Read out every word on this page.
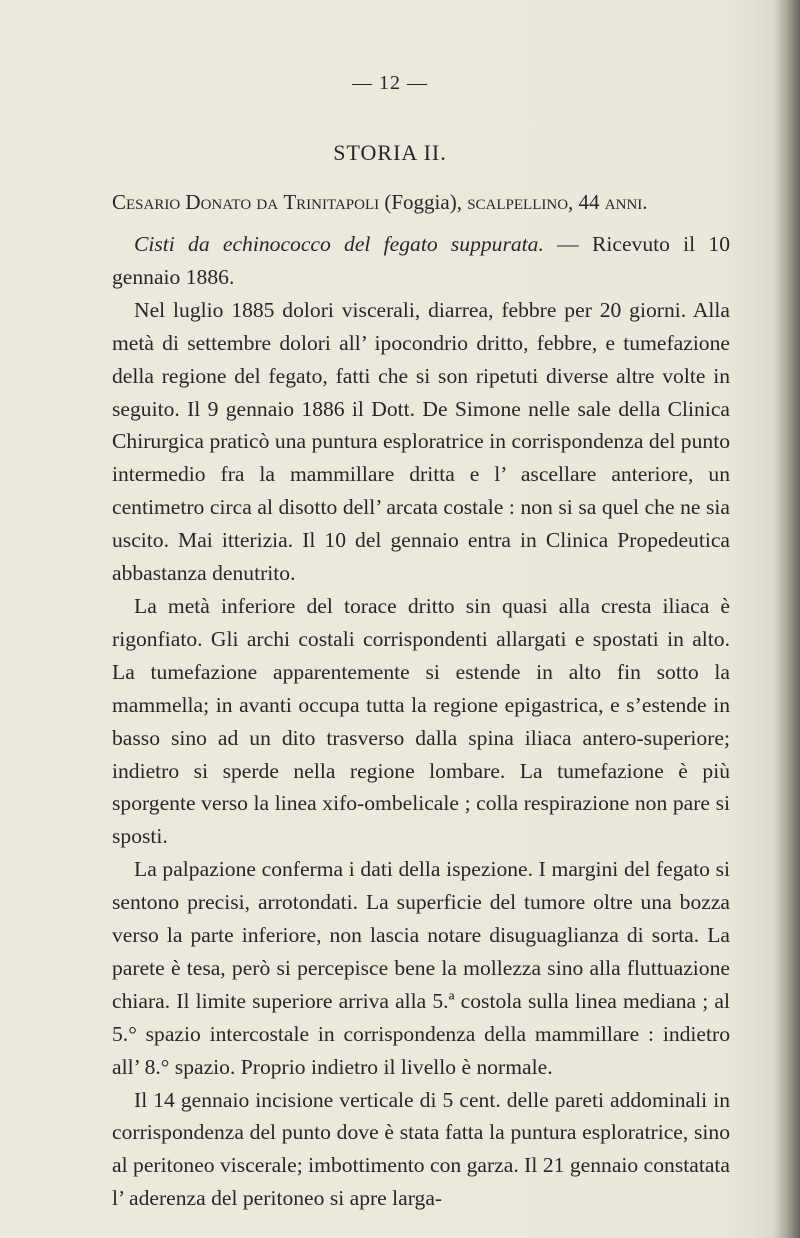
— 12 —
STORIA II.
Cesario Donato da Trinitapoli (Foggia), scalpellino, 44 anni.

Cisti da echinococco del fegato suppurata. — Ricevuto il 10 gennaio 1886.

Nel luglio 1885 dolori viscerali, diarrea, febbre per 20 giorni. Alla metà di settembre dolori all’ ipocondrio dritto, febbre, e tumefazione della regione del fegato, fatti che si son ripetuti diverse altre volte in seguito. Il 9 gennaio 1886 il Dott. De Simone nelle sale della Clinica Chirurgica praticò una puntura esploratrice in corrispondenza del punto intermedio fra la mammillare dritta e l’ ascellare anteriore, un centimetro circa al disotto dell’ arcata costale : non si sa quel che ne sia uscito. Mai itterizia. Il 10 del gennaio entra in Clinica Propedeutica abbastanza denutrito.

La metà inferiore del torace dritto sin quasi alla cresta iliaca è rigonfiato. Gli archi costali corrispondenti allargati e spostati in alto. La tumefazione apparentemente si estende in alto fin sotto la mammella; in avanti occupa tutta la regione epigastrica, e s’estende in basso sino ad un dito trasverso dalla spina iliaca antero-superiore; indietro si sperde nella regione lombare. La tumefazione è più sporgente verso la linea xifo-ombelicale ; colla respirazione non pare si sposti.

La palpazione conferma i dati della ispezione. I margini del fegato si sentono precisi, arrotondati. La superficie del tumore oltre una bozza verso la parte inferiore, non lascia notare disuguaglianza di sorta. La parete è tesa, però si percepisce bene la mollezza sino alla fluttuazione chiara. Il limite superiore arriva alla 5.ª costola sulla linea mediana ; al 5.° spazio intercostale in corrispondenza della mammillare : indietro all’ 8.° spazio. Proprio indietro il livello è normale.

Il 14 gennaio incisione verticale di 5 cent. delle pareti addominali in corrispondenza del punto dove è stata fatta la puntura esploratrice, sino al peritoneo viscerale; imbottimento con garza. Il 21 gennaio constatata l’ aderenza del peritoneo si apre larga-
